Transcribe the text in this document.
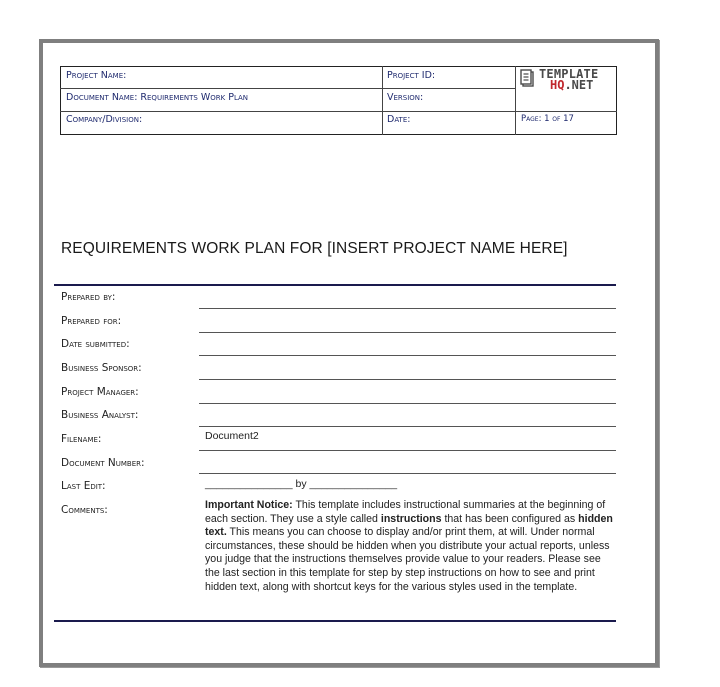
Project Name:
Document Name: Requirements Work Plan
Company/Division:
Project ID:
Version:
Date:	Page: 1 of 17
TEMPLATE
HQ.NET
REQUIREMENTS WORK PLAN FOR [INSERT PROJECT NAME HERE]
Prepared by:
Prepared for:
Date submitted:
Business Sponsor:
Project Manager:
Business Analyst:
Filename:
Document Number:
Last Edit:
Comments:
Document2
_______________ by _______________
Important Notice: This template includes instructional summaries at the beginning of each section. They use a style called instructions that has been configured as hidden text. This means you can choose to display and/or print them, at will. Under normal circumstances, these should be hidden when you distribute your actual reports, unless you judge that the instructions themselves provide value to your readers. Please see the last section in this template for step by step instructions on how to see and print hidden text, along with shortcut keys for the various styles used in the template.
